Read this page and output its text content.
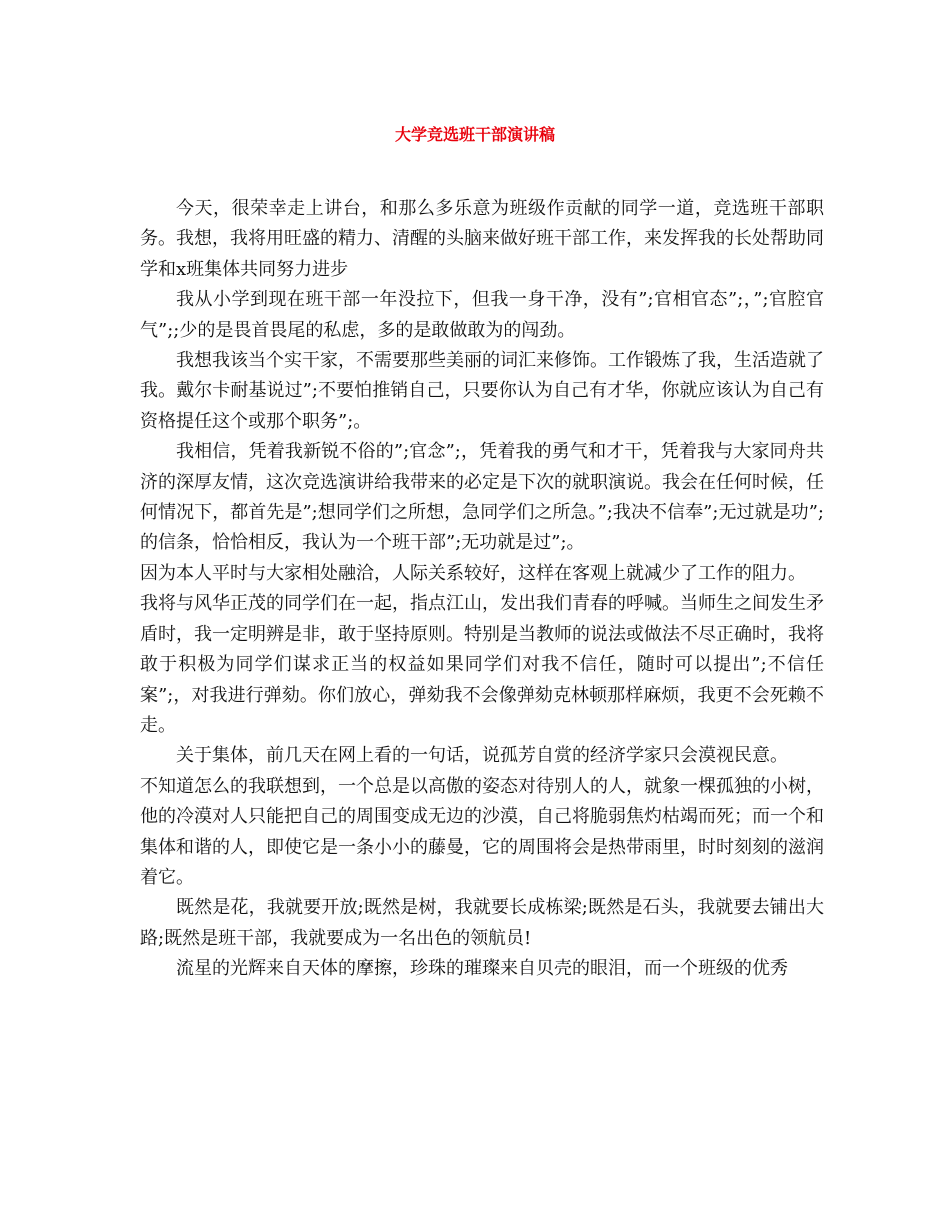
大学竞选班干部演讲稿

今天，很荣幸走上讲台，和那么多乐意为班级作贡献的同学一道，竞选班干部职务。我想，我将用旺盛的精力、清醒的头脑来做好班干部工作，来发挥我的长处帮助同学和x班集体共同努力进步

我从小学到现在班干部一年没拉下，但我一身干净，没有”;官相官态”;，”;官腔官气”;;少的是畏首畏尾的私虑，多的是敢做敢为的闯劲。

我想我该当个实干家，不需要那些美丽的词汇来修饰。工作锻炼了我，生活造就了我。戴尔卡耐基说过”;不要怕推销自己，只要你认为自己有才华，你就应该认为自己有资格提任这个或那个职务”;。

我相信，凭着我新锐不俗的”;官念”;，凭着我的勇气和才干，凭着我与大家同舟共济的深厚友情，这次竞选演讲给我带来的必定是下次的就职演说。我会在任何时候，任何情况下，都首先是”;想同学们之所想，急同学们之所急。”;我决不信奉”;无过就是功”;的信条，恰恰相反，我认为一个班干部”;无功就是过”;。
因为本人平时与大家相处融洽，人际关系较好，这样在客观上就减少了工作的阻力。
我将与风华正茂的同学们在一起，指点江山，发出我们青春的呼喊。当师生之间发生矛盾时，我一定明辨是非，敢于坚持原则。特别是当教师的说法或做法不尽正确时，我将敢于积极为同学们谋求正当的权益如果同学们对我不信任，随时可以提出”;不信任案”;，对我进行弹劾。你们放心，弹劾我不会像弹劾克林顿那样麻烦，我更不会死赖不走。

关于集体，前几天在网上看的一句话，说孤芳自赏的经济学家只会漠视民意。
不知道怎么的我联想到，一个总是以高傲的姿态对待别人的人，就象一棵孤独的小树，他的冷漠对人只能把自己的周围变成无边的沙漠，自己将脆弱焦灼枯竭而死；而一个和集体和谐的人，即使它是一条小小的藤曼，它的周围将会是热带雨里，时时刻刻的滋润着它。

既然是花，我就要开放;既然是树，我就要长成栋梁;既然是石头，我就要去铺出大路;既然是班干部，我就要成为一名出色的领航员!

流星的光辉来自天体的摩擦，珍珠的璀璨来自贝壳的眼泪，而一个班级的优秀
